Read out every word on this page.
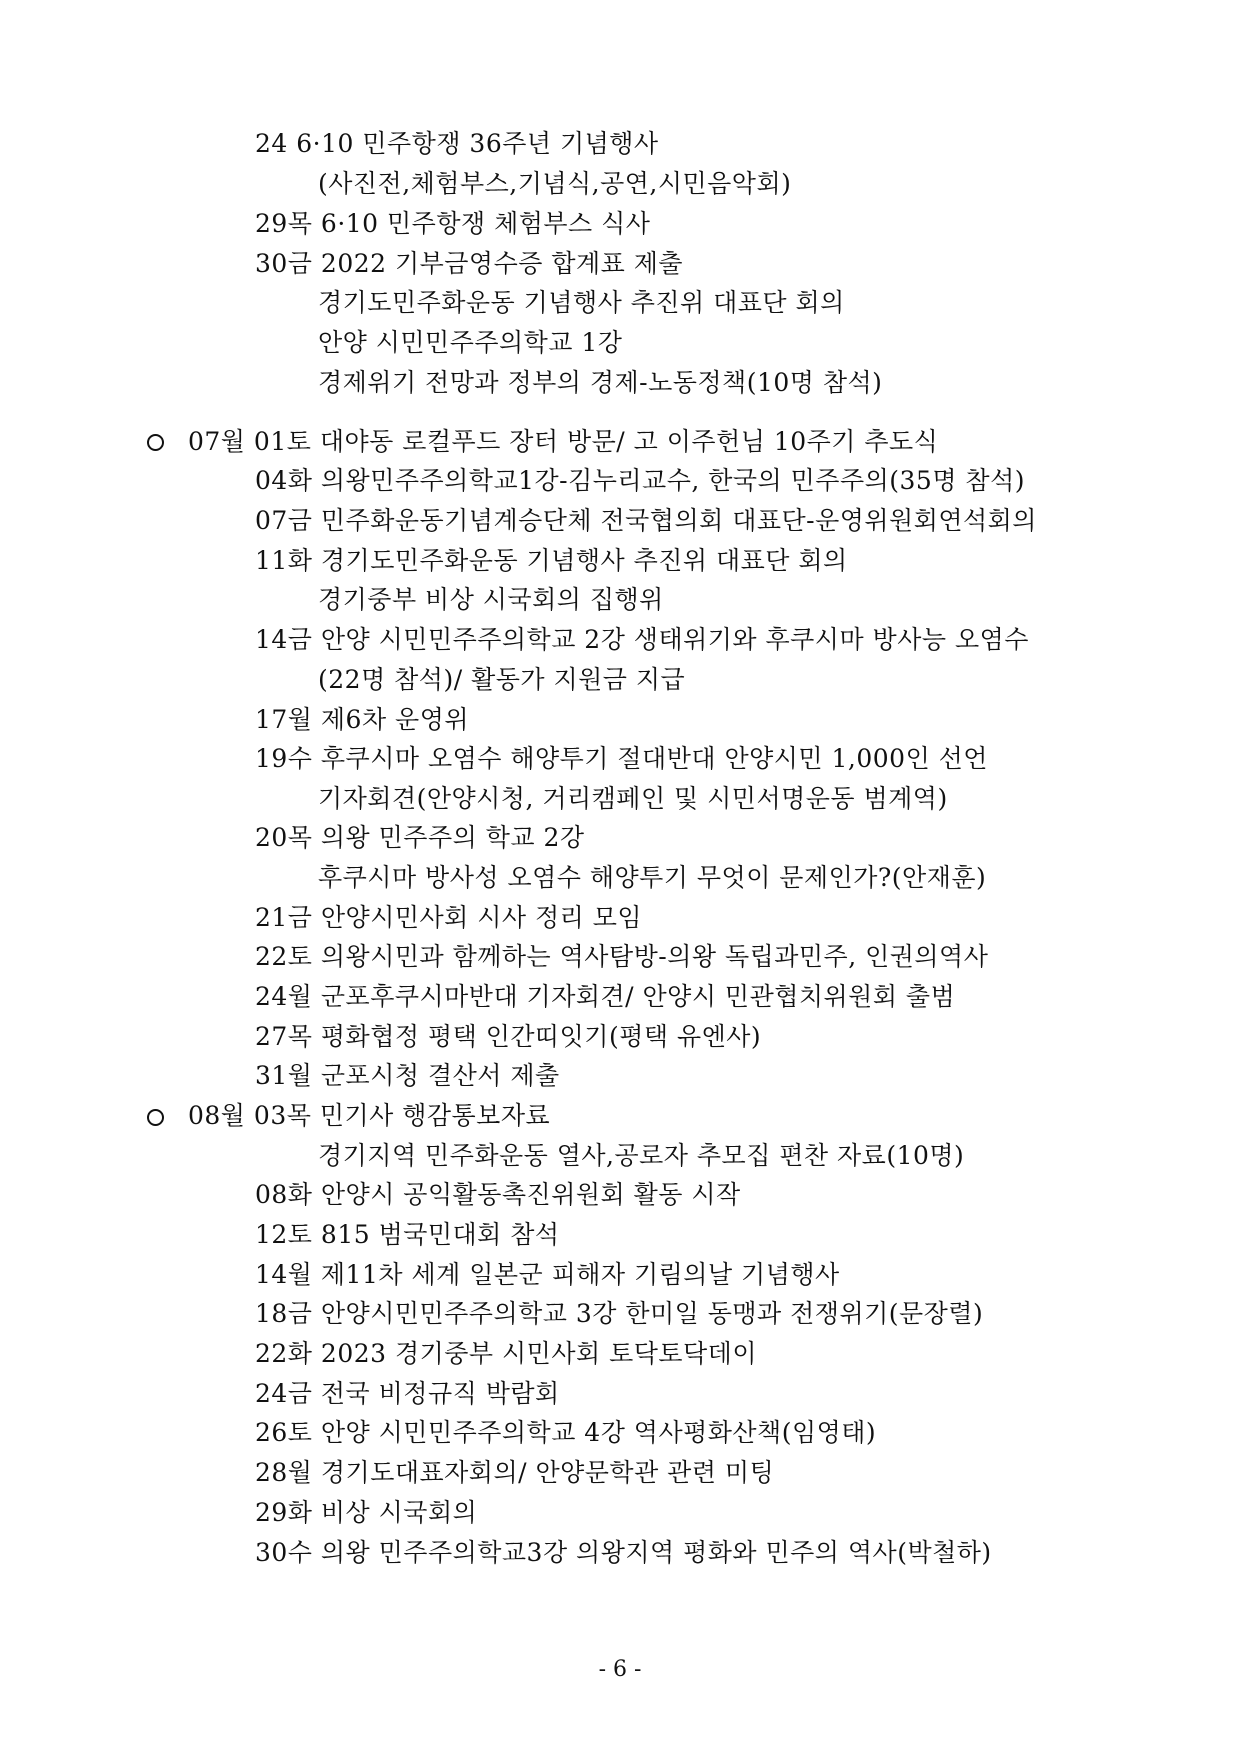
24 6·10 민주항쟁 36주년 기념행사
(사진전,체험부스,기념식,공연,시민음악회)
29목 6·10 민주항쟁 체험부스 식사
30금 2022 기부금영수증 합계표 제출
경기도민주화운동 기념행사 추진위 대표단 회의
안양 시민민주주의학교 1강
경제위기 전망과 정부의 경제-노동정책(10명 참석)
07월 01토 대야동 로컬푸드 장터 방문/ 고 이주헌님 10주기 추도식
04화 의왕민주주의학교1강-김누리교수, 한국의 민주주의(35명 참석)
07금 민주화운동기념계승단체 전국협의회 대표단-운영위원회연석회의
11화 경기도민주화운동 기념행사 추진위 대표단 회의
경기중부 비상 시국회의 집행위
14금 안양 시민민주주의학교 2강 생태위기와 후쿠시마 방사능 오염수
(22명 참석)/ 활동가 지원금 지급
17월 제6차 운영위
19수 후쿠시마 오염수 해양투기 절대반대 안양시민 1,000인 선언
기자회견(안양시청, 거리캠페인 및 시민서명운동 범계역)
20목 의왕 민주주의 학교 2강
후쿠시마 방사성 오염수 해양투기 무엇이 문제인가?(안재훈)
21금 안양시민사회 시사 정리 모임
22토 의왕시민과 함께하는 역사탐방-의왕 독립과민주, 인권의역사
24월 군포후쿠시마반대 기자회견/ 안양시 민관협치위원회 출범
27목 평화협정 평택 인간띠잇기(평택 유엔사)
31월 군포시청 결산서 제출
08월 03목 민기사 행감통보자료
경기지역 민주화운동 열사,공로자 추모집 편찬 자료(10명)
08화 안양시 공익활동촉진위원회 활동 시작
12토 815 범국민대회 참석
14월 제11차 세계 일본군 피해자 기림의날 기념행사
18금 안양시민민주주의학교 3강 한미일 동맹과 전쟁위기(문장렬)
22화 2023 경기중부 시민사회 토닥토닥데이
24금 전국 비정규직 박람회
26토 안양 시민민주주의학교 4강 역사평화산책(임영태)
28월 경기도대표자회의/ 안양문학관 관련 미팅
29화 비상 시국회의
30수 의왕 민주주의학교3강 의왕지역 평화와 민주의 역사(박철하)
- 6 -
